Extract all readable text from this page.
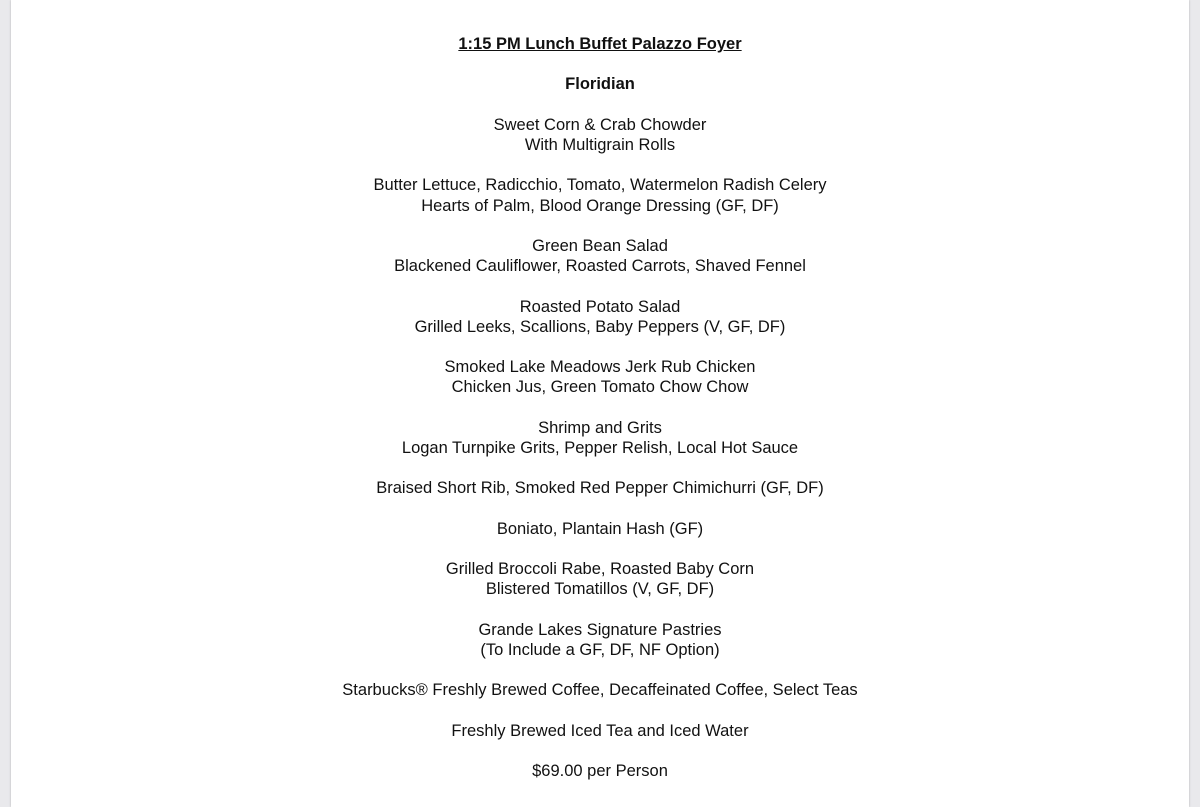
1:15 PM Lunch Buffet Palazzo Foyer

Floridian

Sweet Corn & Crab Chowder
With Multigrain Rolls
Butter Lettuce, Radicchio, Tomato, Watermelon Radish Celery
Hearts of Palm, Blood Orange Dressing (GF, DF)
Green Bean Salad
Blackened Cauliflower, Roasted Carrots, Shaved Fennel
Roasted Potato Salad
Grilled Leeks, Scallions, Baby Peppers (V, GF, DF)
Smoked Lake Meadows Jerk Rub Chicken
Chicken Jus, Green Tomato Chow Chow
Shrimp and Grits
Logan Turnpike Grits, Pepper Relish, Local Hot Sauce
Braised Short Rib, Smoked Red Pepper Chimichurri (GF, DF)
Boniato, Plantain Hash (GF)
Grilled Broccoli Rabe, Roasted Baby Corn
Blistered Tomatillos (V, GF, DF)
Grande Lakes Signature Pastries
(To Include a GF, DF, NF Option)
Starbucks® Freshly Brewed Coffee, Decaffeinated Coffee, Select Teas
Freshly Brewed Iced Tea and Iced Water
$69.00 per Person
